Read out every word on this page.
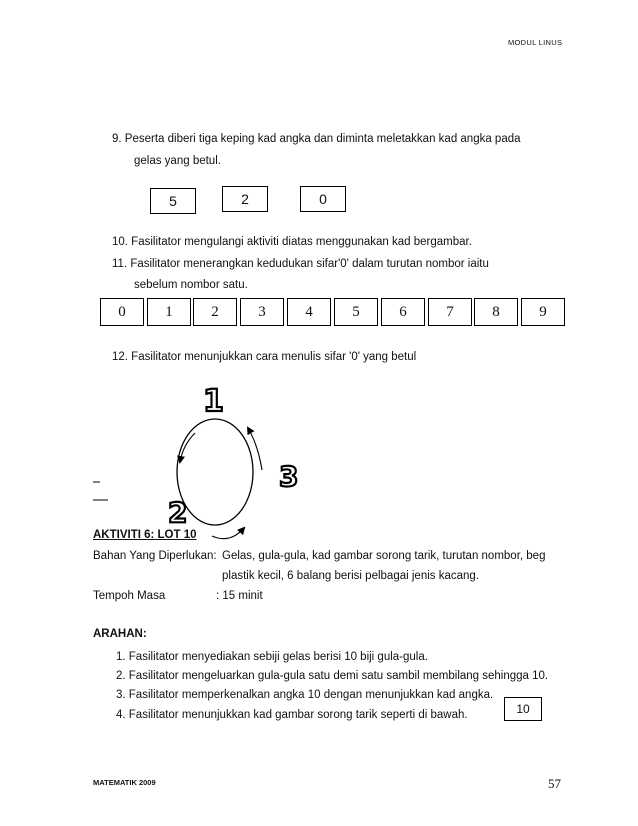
MODUL LINUS
9. Peserta diberi tiga keping kad angka dan diminta meletakkan kad angka pada
gelas yang betul.
5	2	0
10. Fasilitator mengulangi aktiviti diatas menggunakan kad bergambar.
11. Fasilitator menerangkan kedudukan sifar'0' dalam turutan nombor iaitu
sebelum nombor satu.
0	1	2	3	4	5	6	7	8	9
12. Fasilitator menunjukkan cara menulis sifar '0' yang betul
1
2
3
AKTIVITI 6: LOT 10
Bahan Yang Diperlukan: Gelas, gula-gula, kad gambar sorong tarik, turutan nombor, beg
plastik kecil, 6 balang berisi pelbagai jenis kacang.
Tempoh Masa	: 15 minit
ARAHAN:
1. Fasilitator menyediakan sebiji gelas berisi 10 biji gula-gula.
2. Fasilitator mengeluarkan gula-gula satu demi satu sambil membilang sehingga 10.
3. Fasilitator memperkenalkan angka 10 dengan menunjukkan kad angka.
4. Fasilitator menunjukkan kad gambar sorong tarik seperti di bawah.	10
MATEMATIK 2009	57
